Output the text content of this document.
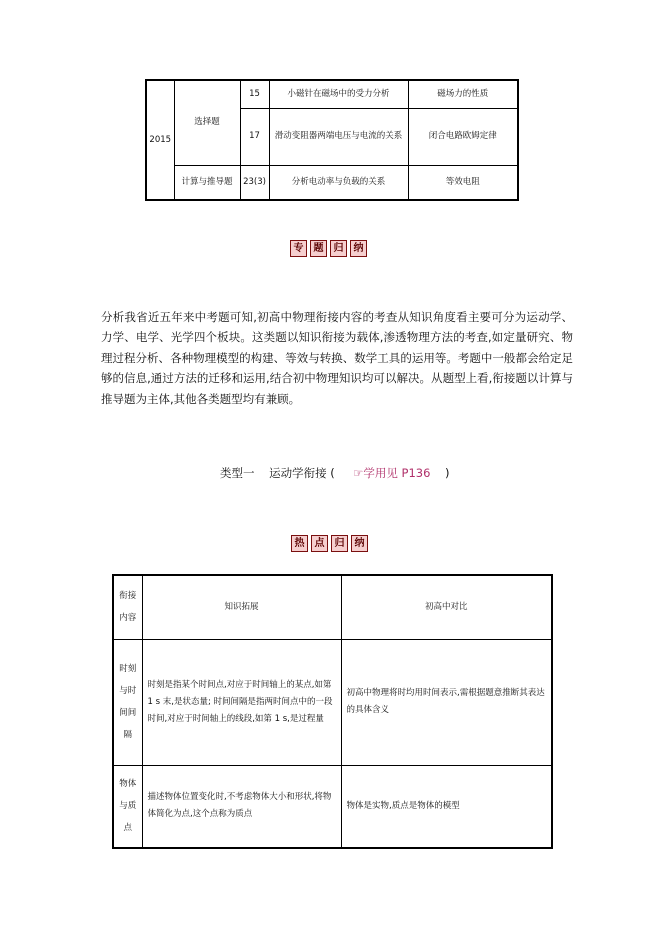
2015	选择题	15	小磁针在磁场中的受力分析	磁场力的性质
		17	滑动变阻器两端电压与电流的关系	闭合电路欧姆定律
	计算与推导题	23(3)	分析电动率与负载的关系	等效电阻
专	题	归	纳

分析我省近五年来中考题可知,初高中物理衔接内容的考查从知识角度看主要可分为运动学、力学、电学、光学四个板块。这类题以知识衔接为载体,渗透物理方法的考查,如定量研究、物理过程分析、各种物理模型的构建、等效与转换、数学工具的运用等。考题中一般都会给定足够的信息,通过方法的迁移和运用,结合初中物理知识均可以解决。从题型上看,衔接题以计算与推导题为主体,其他各类题型均有兼顾。

类型一 运动学衔接 ( ☞学用见 P136 )
热	点	归	纳
衔接内容	知识拓展	初高中对比
时刻与时间间隔	时刻是指某个时间点,对应于时间轴上的某点,如第 1 s 末,是状态量; 时间间隔是指两时间点中的一段时间,对应于时间轴上的线段,如第 1 s,是过程量	初高中物理将时均用时间表示,需根据题意推断其表达的具体含义
物体与质点	描述物体位置变化时,不考虑物体大小和形状,将物体简化为点,这个点称为质点	物体是实物,质点是物体的模型
